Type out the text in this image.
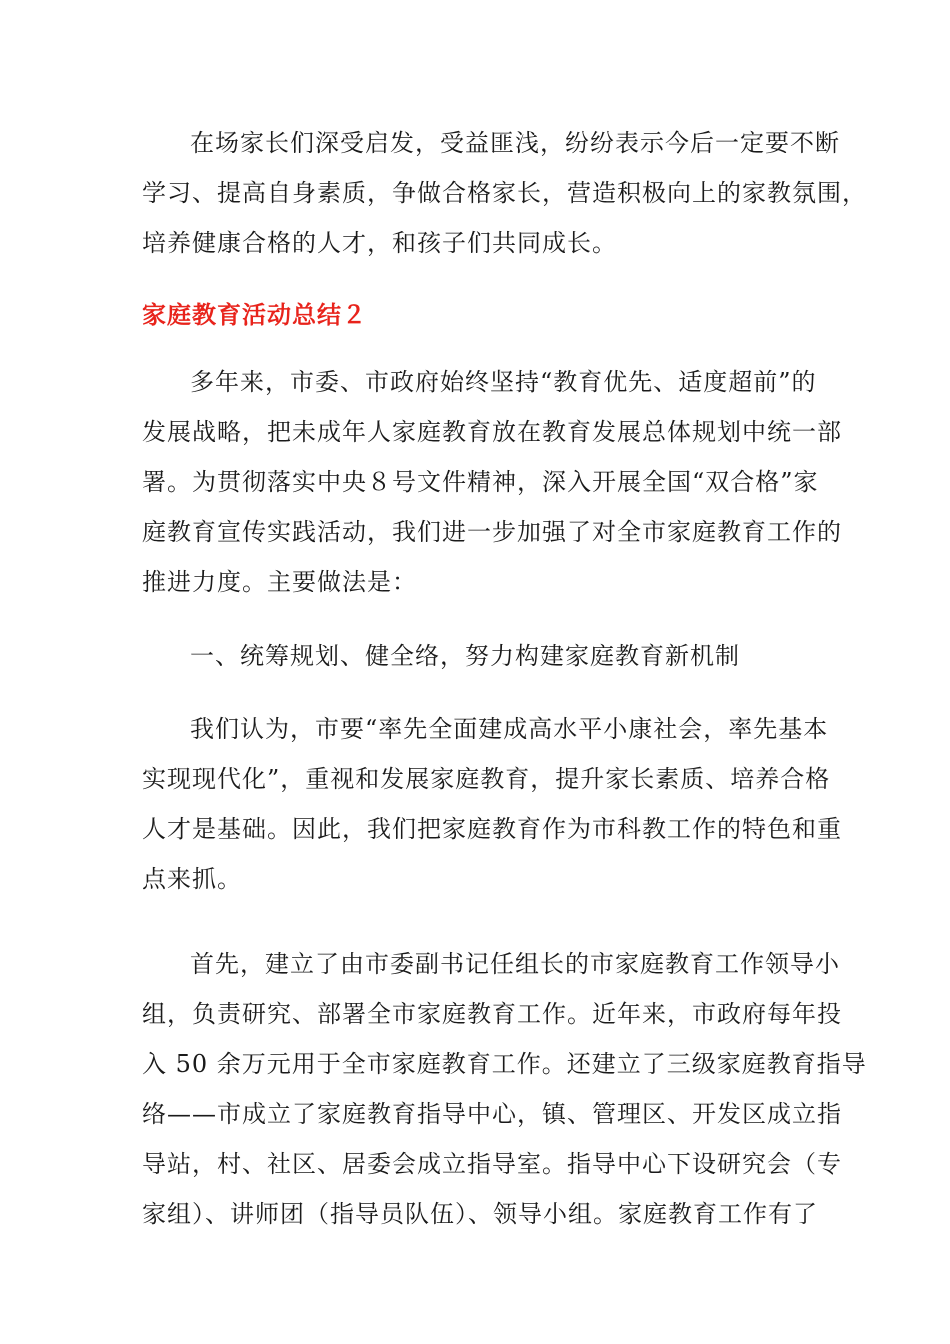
在场家长们深受启发，受益匪浅，纷纷表示今后一定要不断
学习、提高自身素质，争做合格家长，营造积极向上的家教氛围，
培养健康合格的人才，和孩子们共同成长。
家庭教育活动总结２
多年来，市委、市政府始终坚持“教育优先、适度超前”的
发展战略，把未成年人家庭教育放在教育发展总体规划中统一部
署。为贯彻落实中央８号文件精神，深入开展全国“双合格”家
庭教育宣传实践活动，我们进一步加强了对全市家庭教育工作的
推进力度。主要做法是：
一、统筹规划、健全络，努力构建家庭教育新机制
我们认为，市要“率先全面建成高水平小康社会，率先基本
实现现代化”，重视和发展家庭教育，提升家长素质、培养合格
人才是基础。因此，我们把家庭教育作为市科教工作的特色和重
点来抓。
首先，建立了由市委副书记任组长的市家庭教育工作领导小
组，负责研究、部署全市家庭教育工作。近年来，市政府每年投
入 50 余万元用于全市家庭教育工作。还建立了三级家庭教育指导
络——市成立了家庭教育指导中心，镇、管理区、开发区成立指
导站，村、社区、居委会成立指导室。指导中心下设研究会（专
家组）、讲师团（指导员队伍）、领导小组。家庭教育工作有了
